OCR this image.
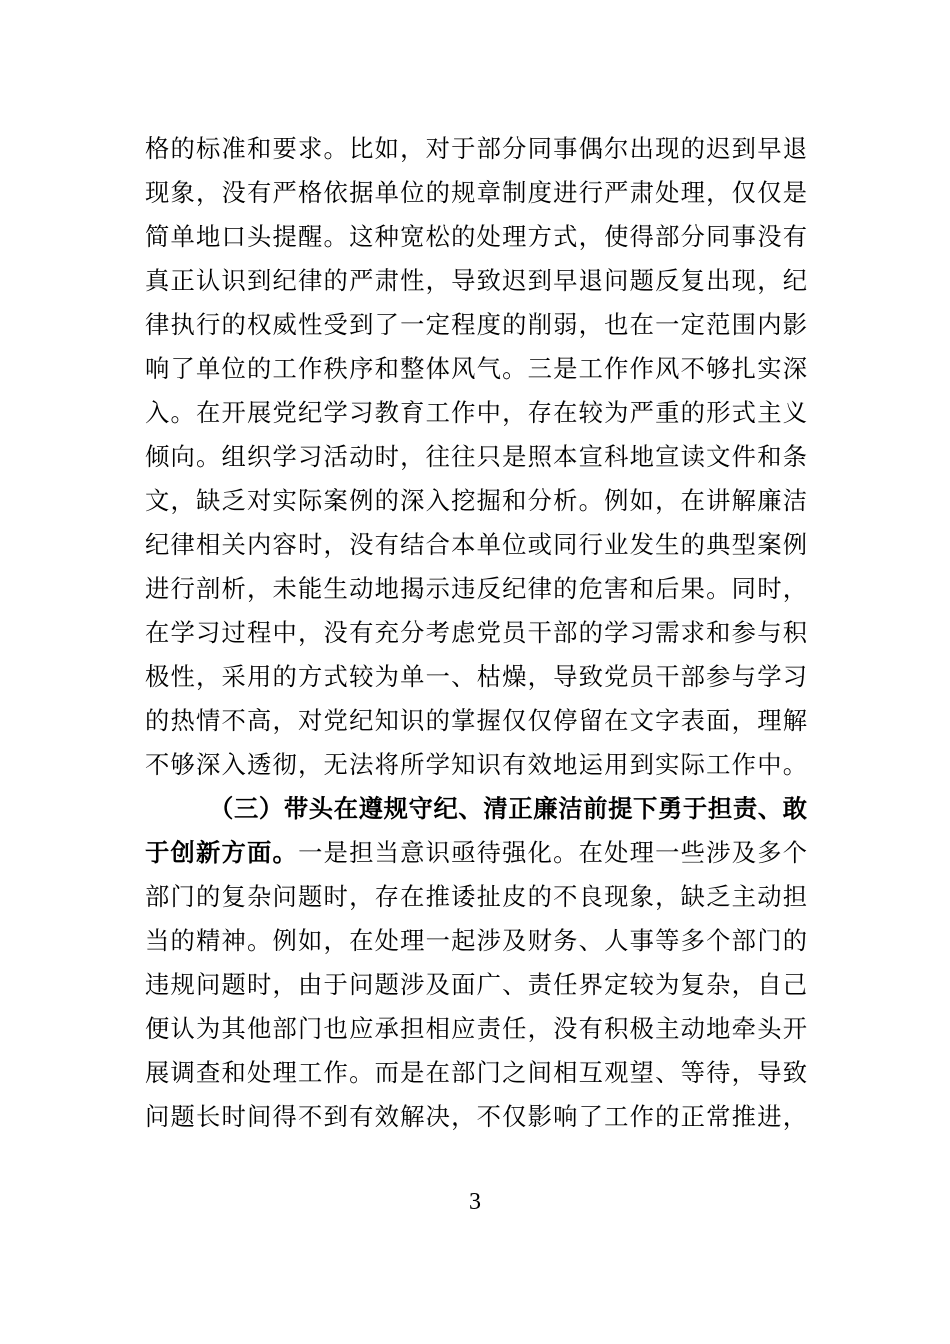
格的标准和要求。比如，对于部分同事偶尔出现的迟到早退
现象，没有严格依据单位的规章制度进行严肃处理，仅仅是
简单地口头提醒。这种宽松的处理方式，使得部分同事没有
真正认识到纪律的严肃性，导致迟到早退问题反复出现，纪
律执行的权威性受到了一定程度的削弱，也在一定范围内影
响了单位的工作秩序和整体风气。三是工作作风不够扎实深
入。在开展党纪学习教育工作中，存在较为严重的形式主义
倾向。组织学习活动时，往往只是照本宣科地宣读文件和条
文，缺乏对实际案例的深入挖掘和分析。例如，在讲解廉洁
纪律相关内容时，没有结合本单位或同行业发生的典型案例
进行剖析，未能生动地揭示违反纪律的危害和后果。同时，
在学习过程中，没有充分考虑党员干部的学习需求和参与积
极性，采用的方式较为单一、枯燥，导致党员干部参与学习
的热情不高，对党纪知识的掌握仅仅停留在文字表面，理解
不够深入透彻，无法将所学知识有效地运用到实际工作中。
（三）带头在遵规守纪、清正廉洁前提下勇于担责、敢
于创新方面。一是担当意识亟待强化。在处理一些涉及多个
部门的复杂问题时，存在推诿扯皮的不良现象，缺乏主动担
当的精神。例如，在处理一起涉及财务、人事等多个部门的
违规问题时，由于问题涉及面广、责任界定较为复杂，自己
便认为其他部门也应承担相应责任，没有积极主动地牵头开
展调查和处理工作。而是在部门之间相互观望、等待，导致
问题长时间得不到有效解决，不仅影响了工作的正常推进，
3
